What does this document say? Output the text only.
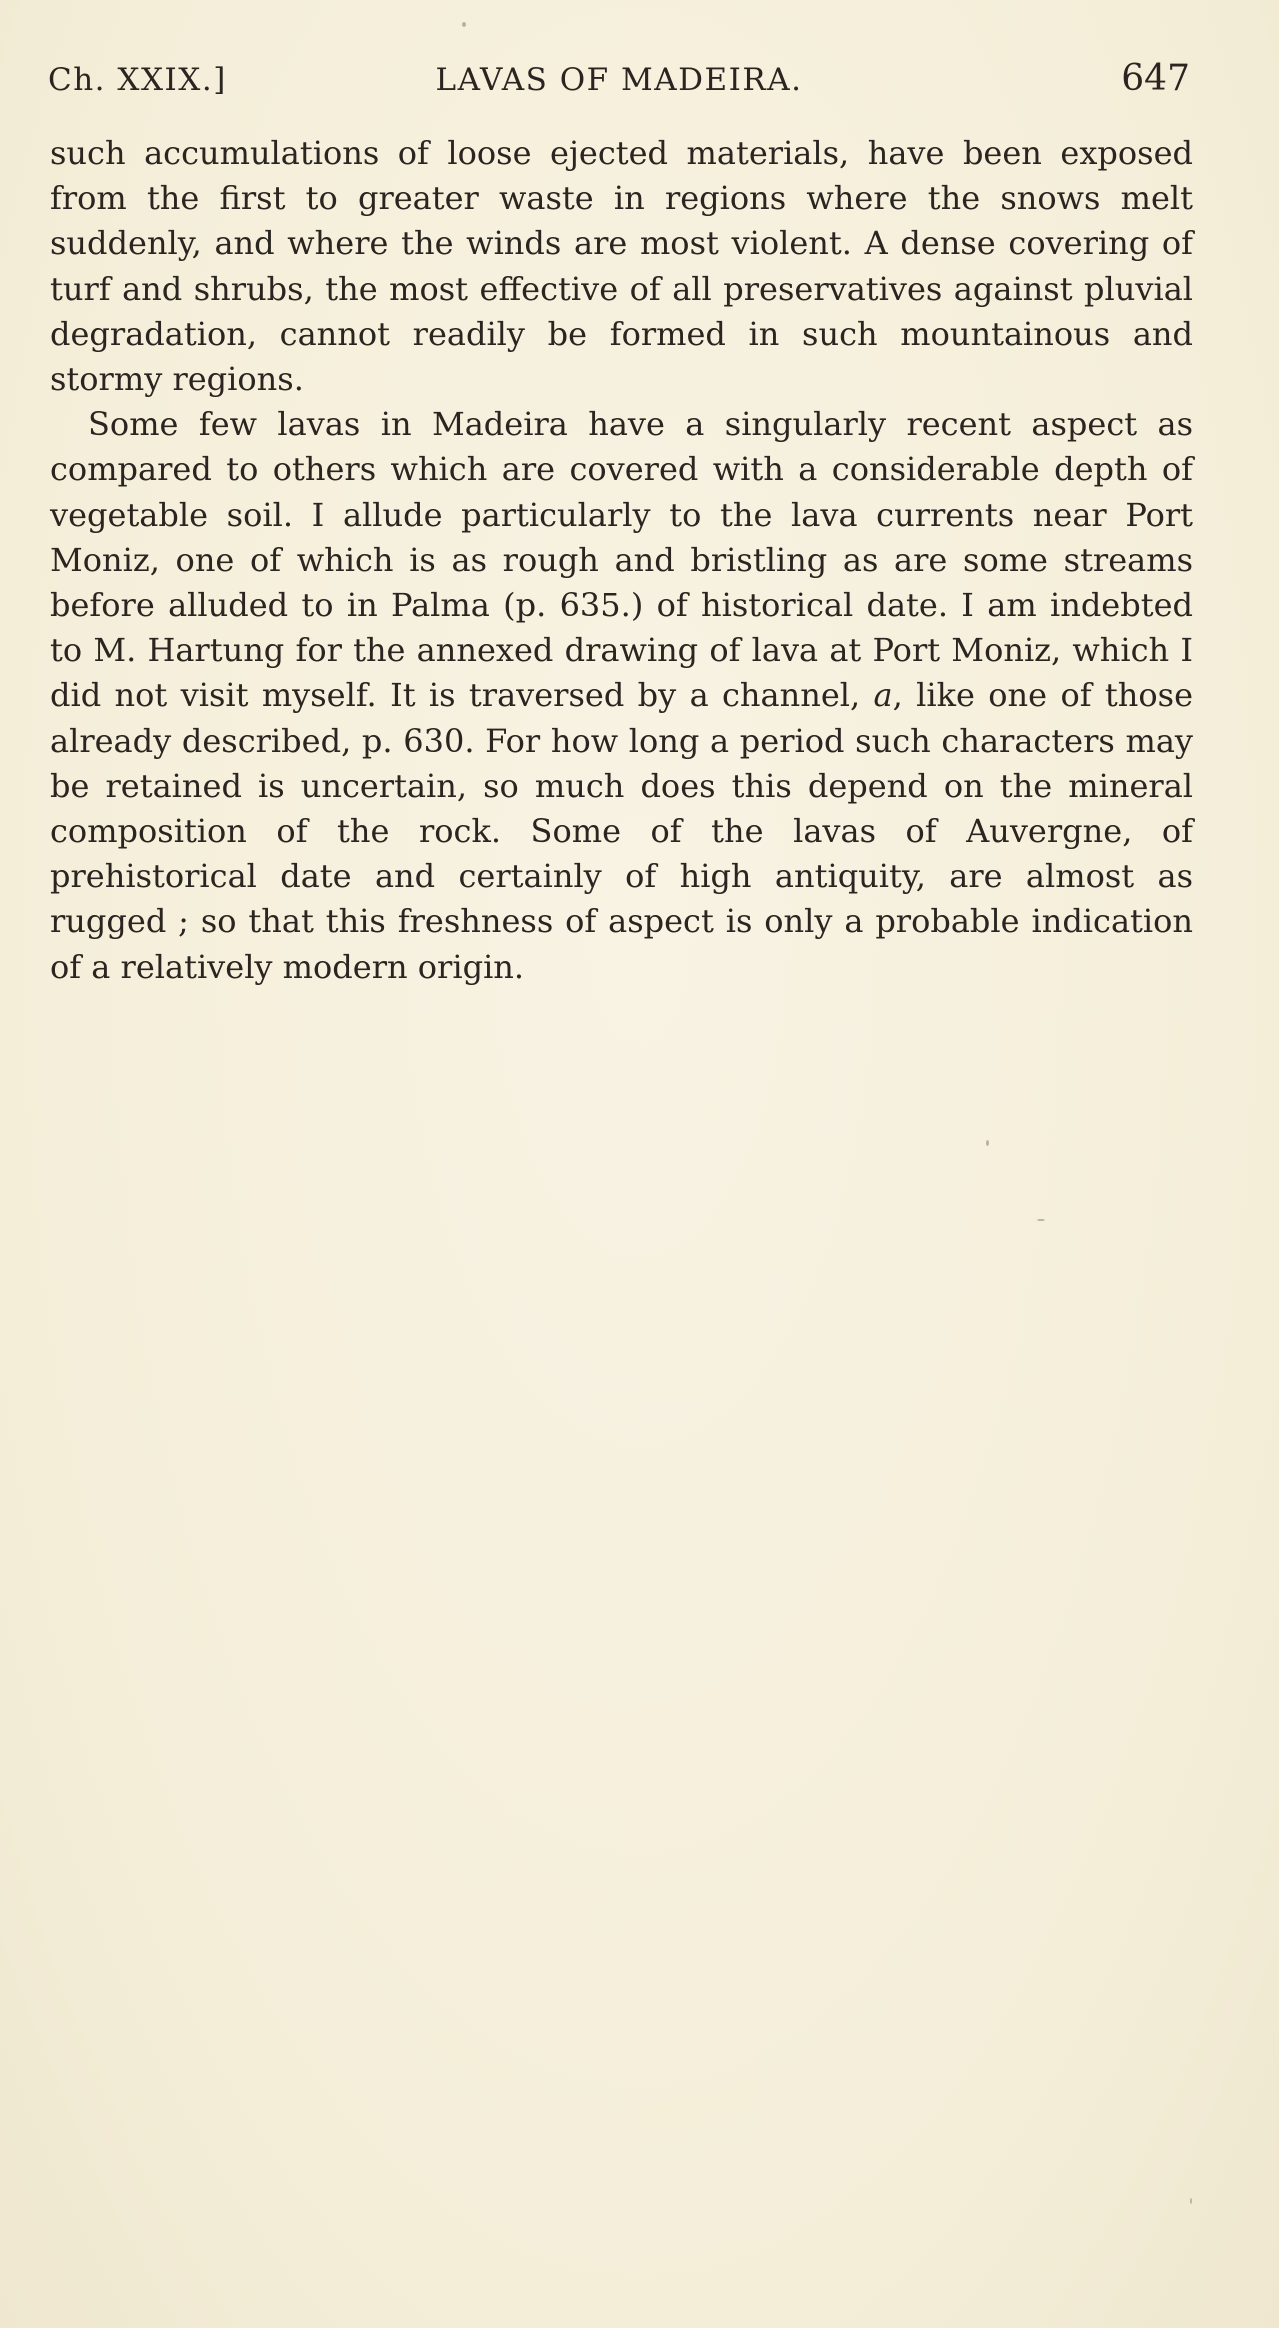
Ch. XXIX.]	LAVAS OF MADEIRA.	647

such accumulations of loose ejected materials, have been exposed from the first to greater waste in regions where the snows melt suddenly, and where the winds are most violent. A dense covering of turf and shrubs, the most effective of all preservatives against pluvial degradation, cannot readily be formed in such mountainous and stormy regions.

Some few lavas in Madeira have a singularly recent aspect as compared to others which are covered with a considerable depth of vegetable soil. I allude particularly to the lava currents near Port Moniz, one of which is as rough and bristling as are some streams before alluded to in Palma (p. 635.) of historical date. I am indebted to M. Hartung for the annexed drawing of lava at Port Moniz, which I did not visit myself. It is traversed by a channel, a, like one of those already described, p. 630. For how long a period such characters may be retained is uncertain, so much does this depend on the mineral composition of the rock. Some of the lavas of Auvergne, of prehistorical date and certainly of high antiquity, are almost as rugged ; so that this freshness of aspect is only a probable indication of a relatively modern origin.
